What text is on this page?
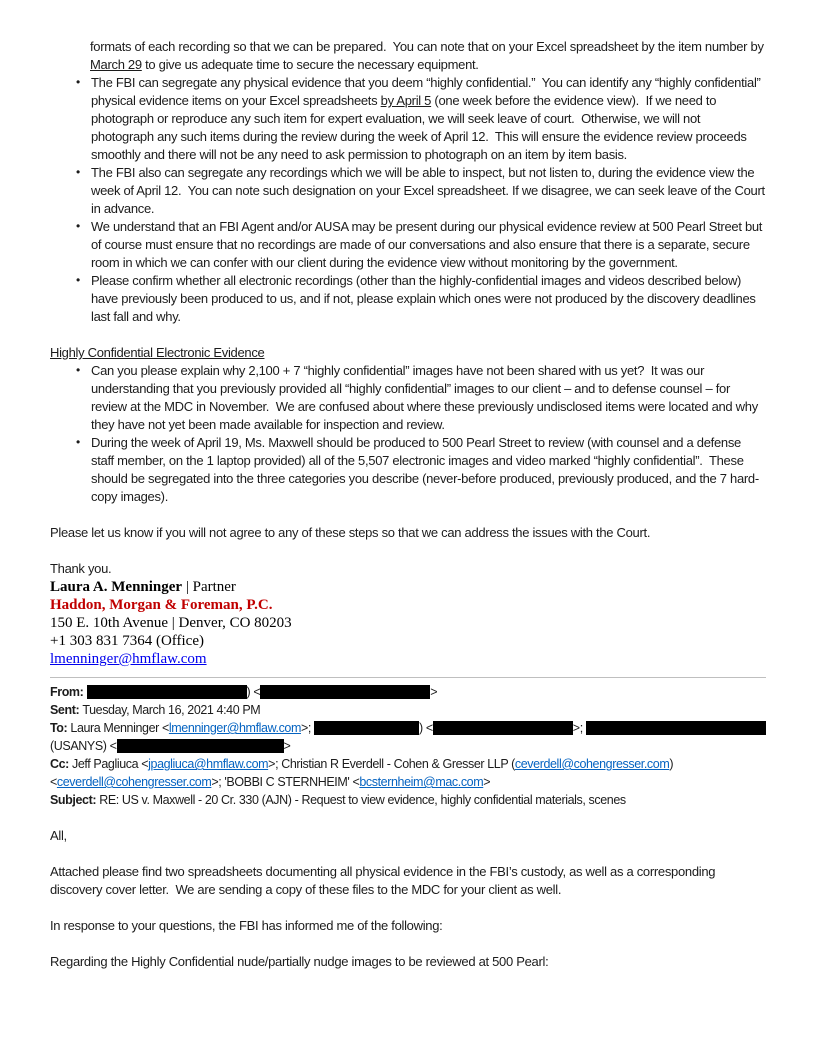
formats of each recording so that we can be prepared.  You can note that on your Excel spreadsheet by the item number by March 29 to give us adequate time to secure the necessary equipment.
• The FBI can segregate any physical evidence that you deem “highly confidential.”  You can identify any “highly confidential” physical evidence items on your Excel spreadsheets by April 5 (one week before the evidence view).  If we need to photograph or reproduce any such item for expert evaluation, we will seek leave of court.  Otherwise, we will not photograph any such items during the review during the week of April 12.  This will ensure the evidence review proceeds smoothly and there will not be any need to ask permission to photograph on an item by item basis.
• The FBI also can segregate any recordings which we will be able to inspect, but not listen to, during the evidence view the week of April 12.  You can note such designation on your Excel spreadsheet. If we disagree, we can seek leave of the Court in advance.
• We understand that an FBI Agent and/or AUSA may be present during our physical evidence review at 500 Pearl Street but of course must ensure that no recordings are made of our conversations and also ensure that there is a separate, secure room in which we can confer with our client during the evidence view without monitoring by the government.
• Please confirm whether all electronic recordings (other than the highly-confidential images and videos described below) have previously been produced to us, and if not, please explain which ones were not produced by the discovery deadlines last fall and why.
Highly Confidential Electronic Evidence
• Can you please explain why 2,100 + 7 “highly confidential” images have not been shared with us yet?  It was our understanding that you previously provided all “highly confidential” images to our client – and to defense counsel – for review at the MDC in November.  We are confused about where these previously undisclosed items were located and why they have not yet been made available for inspection and review.
• During the week of April 19, Ms. Maxwell should be produced to 500 Pearl Street to review (with counsel and a defense staff member, on the 1 laptop provided) all of the 5,507 electronic images and video marked “highly confidential”.  These should be segregated into the three categories you describe (never-before produced, previously produced, and the 7 hard-copy images).
Please let us know if you will not agree to any of these steps so that we can address the issues with the Court.
Thank you.
Laura A. Menninger | Partner
Haddon, Morgan & Foreman, P.C.
150 E. 10th Avenue | Denver, CO 80203
+1 303 831 7364 (Office)
lmenninger@hmflaw.com
From:	) <	>
Sent: Tuesday, March 16, 2021 4:40 PM
To: Laura Menninger <lmenninger@hmflaw.com>;	) <	>;
(USANYS) <	>
Cc: Jeff Pagliuca <jpagliuca@hmflaw.com>; Christian R Everdell - Cohen & Gresser LLP (ceverdell@cohengresser.com)
<ceverdell@cohengresser.com>; 'BOBBI C STERNHEIM' <bcsternheim@mac.com>
Subject: RE: US v. Maxwell - 20 Cr. 330 (AJN) - Request to view evidence, highly confidential materials, scenes
All,
Attached please find two spreadsheets documenting all physical evidence in the FBI’s custody, as well as a corresponding discovery cover letter.  We are sending a copy of these files to the MDC for your client as well.
In response to your questions, the FBI has informed me of the following:
Regarding the Highly Confidential nude/partially nudge images to be reviewed at 500 Pearl:
